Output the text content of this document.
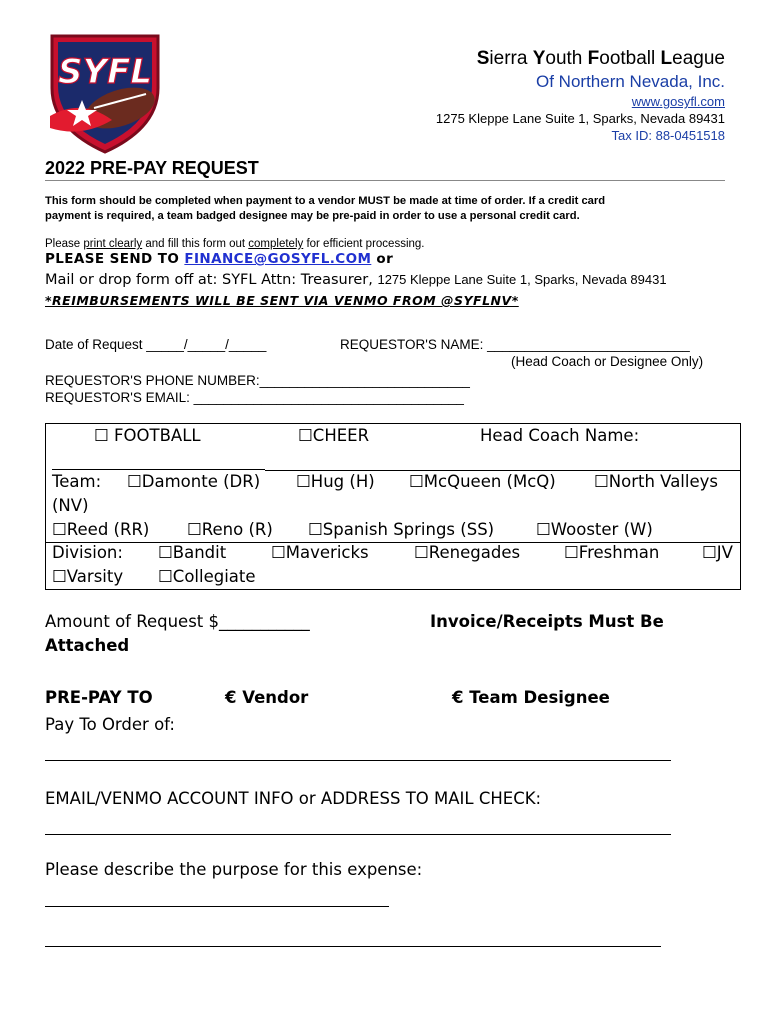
SYFL	Sierra Youth Football League
Of Northern Nevada, Inc.
www.gosyfl.com
1275 Kleppe Lane Suite 1, Sparks, Nevada 89431
Tax ID: 88-0451518
2022 PRE-PAY REQUEST
This form should be completed when payment to a vendor MUST be made at time of order. If a credit card
payment is required, a team badged designee may be pre-paid in order to use a personal credit card.
Please print clearly and fill this form out completely for efficient processing.
PLEASE SEND TO FINANCE@GOSYFL.COM or
Mail or drop form off at: SYFL Attn: Treasurer, 1275 Kleppe Lane Suite 1, Sparks, Nevada 89431
*REIMBURSEMENTS WILL BE SENT VIA VENMO FROM @SYFLNV*
Date of Request _____/_____/_____	REQUESTOR'S NAME: ___________________________
(Head Coach or Designee Only)
REQUESTOR'S PHONE NUMBER:____________________________
REQUESTOR'S EMAIL: ____________________________________
☐ FOOTBALL	☐CHEER	Head Coach Name:
Team: ☐Damonte (DR) ☐Hug (H) ☐McQueen (McQ) ☐North Valleys
(NV)
☐Reed (RR) ☐Reno (R) ☐Spanish Springs (SS)	☐Wooster (W)
Division: ☐Bandit	☐Mavericks	☐Renegades	☐Freshman	☐JV
☐Varsity ☐Collegiate
Amount of Request $___________	Invoice/Receipts Must Be
Attached
PRE-PAY TO	€ Vendor	€ Team Designee
Pay To Order of:
EMAIL/VENMO ACCOUNT INFO or ADDRESS TO MAIL CHECK:
Please describe the purpose for this expense:
